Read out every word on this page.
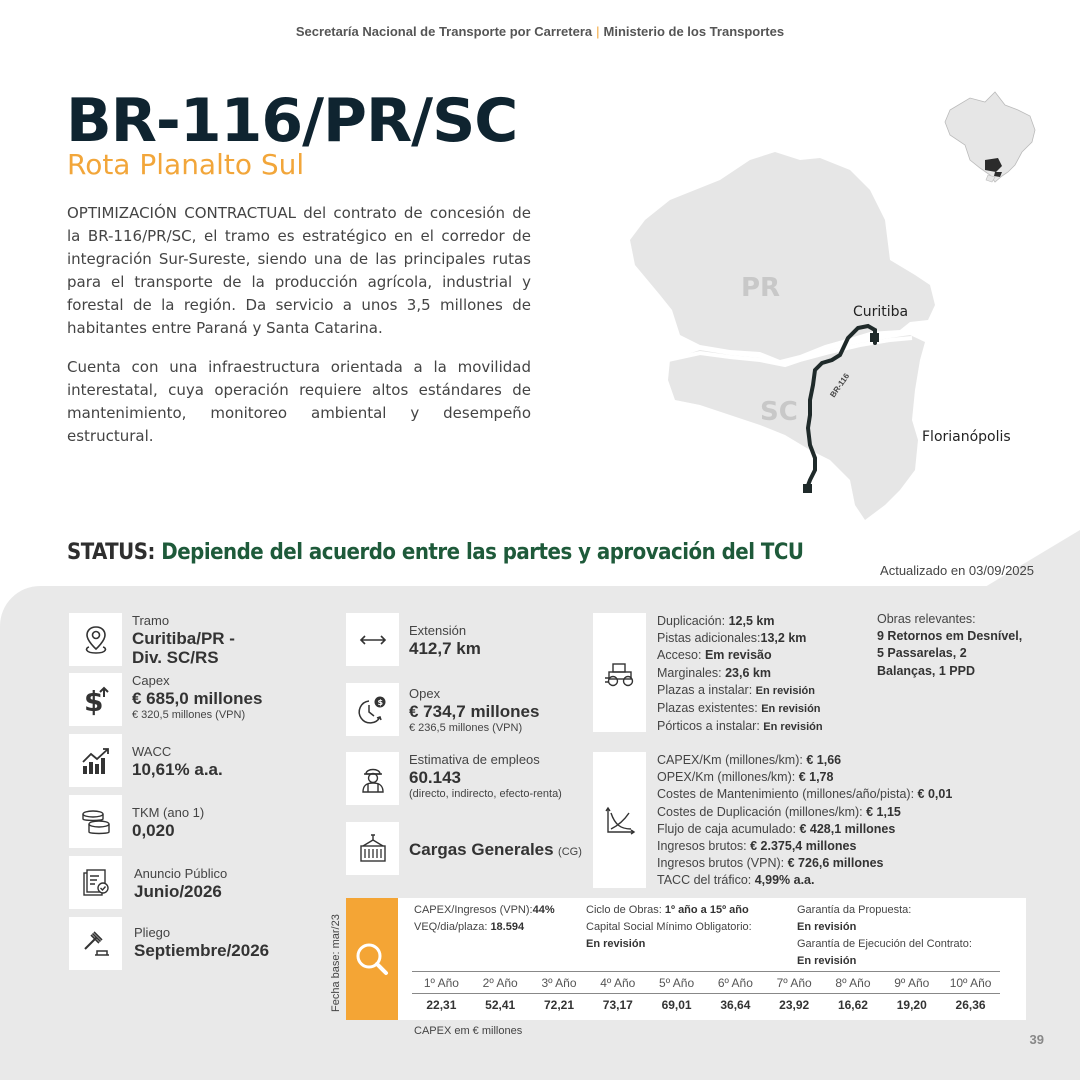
Secretaría Nacional de Transporte por Carretera | Ministerio de los Transportes
BR-116/PR/SC
Rota Planalto Sul

OPTIMIZACIÓN CONTRACTUAL del contrato de concesión de la BR-116/PR/SC, el tramo es estratégico en el corredor de integración Sur-Sureste, siendo una de las principales rutas para el transporte de la producción agrícola, industrial y forestal de la región. Da servicio a unos 3,5 millones de habitantes entre Paraná y Santa Catarina.

Cuenta con una infraestructura orientada a la movilidad interestatal, cuya operación requiere altos estándares de mantenimiento, monitoreo ambiental y desempeño estructural.

BR-116
PR
SC
Curitiba
Florianópolis
STATUS: Depiende del acuerdo entre las partes y aprovación del TCU
Actualizado en 03/09/2025
Tramo
Curitiba/PR -
Div. SC/RS
$
Capex
€ 685,0 millones
€ 320,5 millones (VPN)
WACC
10,61% a.a.
TKM (ano 1)
0,020
Anuncio Público
Junio/2026
Pliego
Septiembre/2026
Extensión
412,7 km
$
Opex
€ 734,7 millones
€ 236,5 millones (VPN)
Estimativa de empleos
60.143
(directo, indirecto, efecto-renta)
Cargas Generales (CG)
Duplicación: 12,5 km
Pistas adicionales:13,2 km
Acceso: Em revisão
Marginales: 23,6 km
Plazas a instalar: En revisión
Plazas existentes: En revisión
Pórticos a instalar: En revisión
Obras relevantes:
9 Retornos em Desnível,
5 Passarelas, 2
Balanças, 1 PPD
CAPEX/Km (millones/km): € 1,66
OPEX/Km (millones/km): € 1,78
Costes de Mantenimiento (millones/año/pista): € 0,01
Costes de Duplicación (millones/km): € 1,15
Flujo de caja acumulado: € 428,1 millones
Ingresos brutos: € 2.375,4 millones
Ingresos brutos (VPN): € 726,6 millones
TACC del tráfico: 4,99% a.a.
Fecha base: mar/23
CAPEX/Ingresos (VPN):44%
VEQ/dia/plaza: 18.594
Ciclo de Obras: 1º año a 15º año
Capital Social Mínimo Obligatorio:
En revisión
Garantía da Propuesta:
En revisión
Garantía de Ejecución del Contrato:
En revisión
1º Año	2º Año	3º Año	4º Año	5º Año	6º Año	7º Año	8º Año	9º Año	10º Año
22,31	52,41	72,21	73,17	69,01	36,64	23,92	16,62	19,20	26,36
CAPEX em € millones
39
